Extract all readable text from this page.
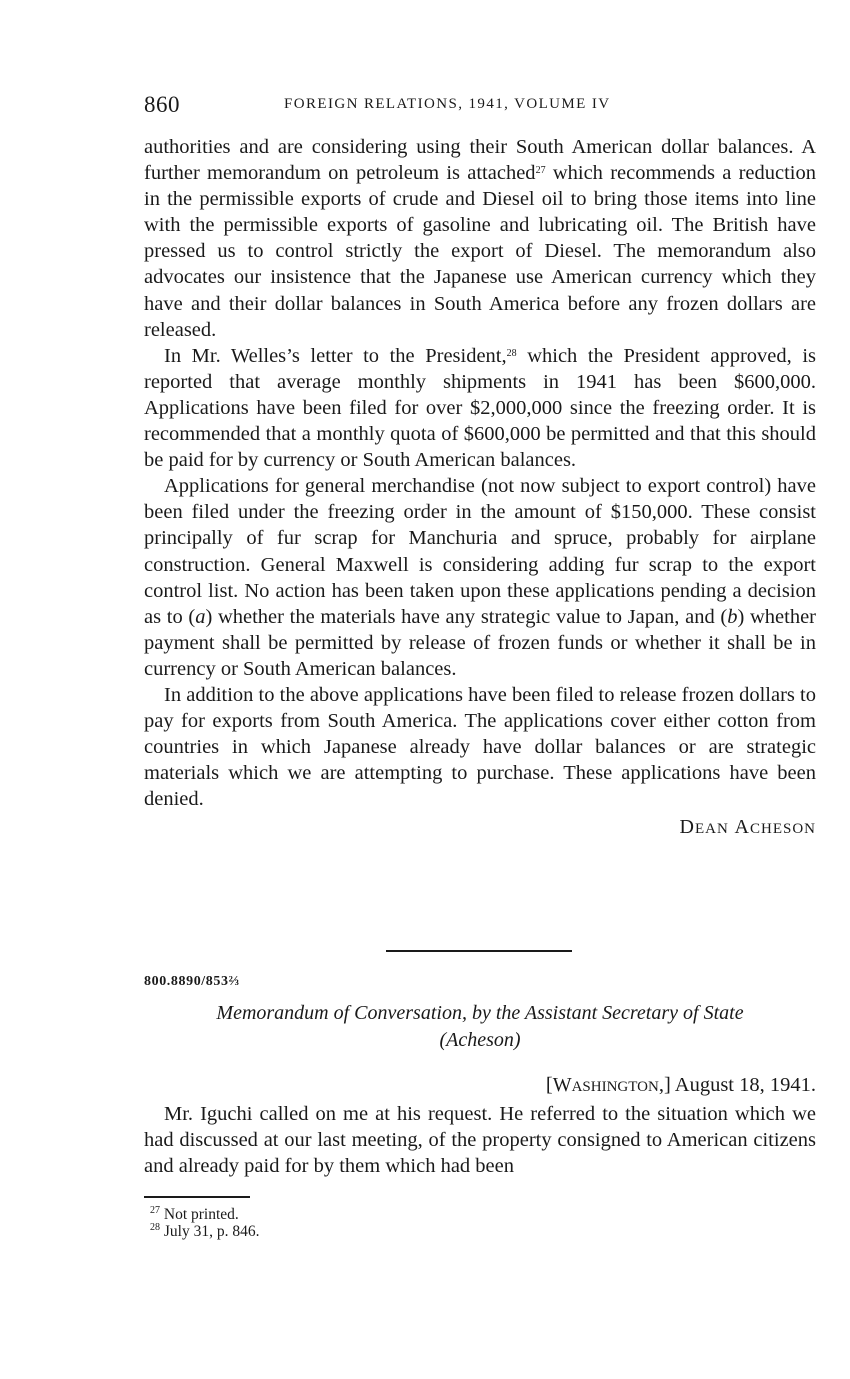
860	FOREIGN RELATIONS, 1941, VOLUME IV

authorities and are considering using their South American dollar balances. A further memorandum on petroleum is attached$^{27}$ which recommends a reduction in the permissible exports of crude and Diesel oil to bring those items into line with the permissible exports of gasoline and lubricating oil. The British have pressed us to control strictly the export of Diesel. The memorandum also advocates our insistence that the Japanese use American currency which they have and their dollar balances in South America before any frozen dollars are released.

In Mr. Welles’s letter to the President,$^{28}$ which the President approved, is reported that average monthly shipments in 1941 has been $600,000. Applications have been filed for over $2,000,000 since the freezing order. It is recommended that a monthly quota of $600,000 be permitted and that this should be paid for by currency or South American balances.

Applications for general merchandise (not now subject to export control) have been filed under the freezing order in the amount of $150,000. These consist principally of fur scrap for Manchuria and spruce, probably for airplane construction. General Maxwell is considering adding fur scrap to the export control list. No action has been taken upon these applications pending a decision as to (a) whether the materials have any strategic value to Japan, and (b) whether payment shall be permitted by release of frozen funds or whether it shall be in currency or South American balances.

In addition to the above applications have been filed to release frozen dollars to pay for exports from South America. The applications cover either cotton from countries in which Japanese already have dollar balances or are strategic materials which we are attempting to purchase. These applications have been denied.

DEAN ACHESON

800.8890/853⅔
Memorandum of Conversation, by the Assistant Secretary of State
(Acheson)

[WASHINGTON,] August 18, 1941.

Mr. Iguchi called on me at his request. He referred to the situation which we had discussed at our last meeting, of the property consigned to American citizens and already paid for by them which had been

$^{27}$ Not printed.

$^{28}$ July 31, p. 846.
